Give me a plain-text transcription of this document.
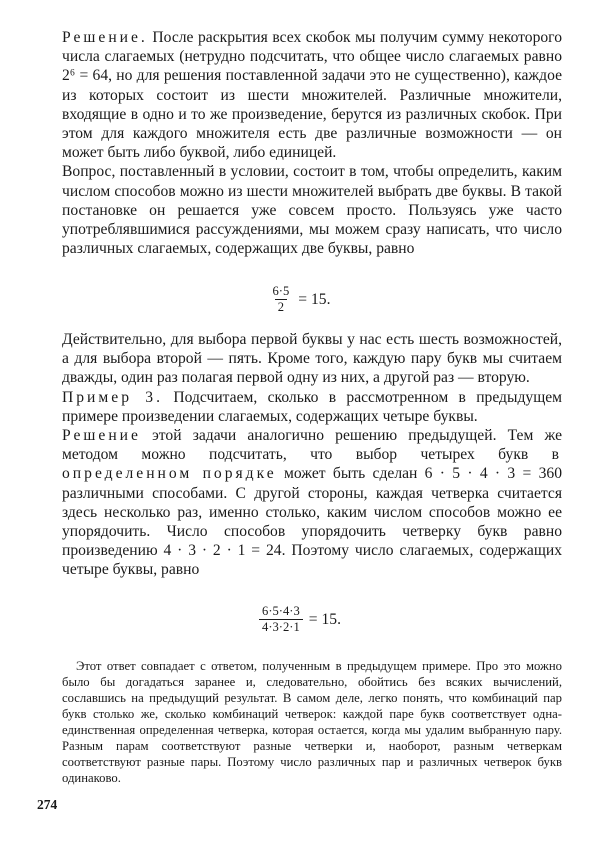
Решение. После раскрытия всех скобок мы получим сумму некоторого числа слагаемых (нетрудно подсчитать, что общее число слагаемых равно 2⁶ = 64, но для решения поставленной задачи это не существенно), каждое из которых состоит из шести множителей. Различные множители, входящие в одно и то же произведение, берутся из различных скобок. При этом для каждого множителя есть две различные возможности — он может быть либо буквой, либо единицей.

Вопрос, поставленный в условии, состоит в том, чтобы определить, каким числом способов можно из шести множителей выбрать две буквы. В такой постановке он решается уже совсем просто. Пользуясь уже часто употреблявшимися рассуждениями, мы можем сразу написать, что число различных слагаемых, содержащих две буквы, равно

$\frac{6\cdot 5}{2} = 15$.

Действительно, для выбора первой буквы у нас есть шесть возможностей, а для выбора второй — пять. Кроме того, каждую пару букв мы считаем дважды, один раз полагая первой одну из них, а другой раз — вторую.

Пример 3. Подсчитаем, сколько в рассмотренном в предыдущем примере произведении слагаемых, содержащих четыре буквы.

Решение этой задачи аналогично решению предыдущей. Тем же методом можно подсчитать, что выбор четырех букв в определенном порядке может быть сделан 6 · 5 · 4 · 3 = 360 различными способами. С другой стороны, каждая четверка считается здесь несколько раз, именно столько, каким числом способов можно ее упорядочить. Число способов упорядочить четверку букв равно произведению 4 · 3 · 2 · 1 = 24. Поэтому число слагаемых, содержащих четыре буквы, равно

$\frac{6\cdot 5\cdot 4\cdot 3}{4\cdot 3\cdot 2\cdot 1} = 15$.

Этот ответ совпадает с ответом, полученным в предыдущем примере. Про это можно было бы догадаться заранее и, следовательно, обойтись без всяких вычислений, сославшись на предыдущий результат. В самом деле, легко понять, что комбинаций пар букв столько же, сколько комбинаций четверок: каждой паре букв соответствует одна-единственная определенная четверка, которая остается, когда мы удалим выбранную пару. Разным парам соответствуют разные четверки и, наоборот, разным четверкам соответствуют разные пары. Поэтому число различных пар и различных четверок букв одинаково.

274
